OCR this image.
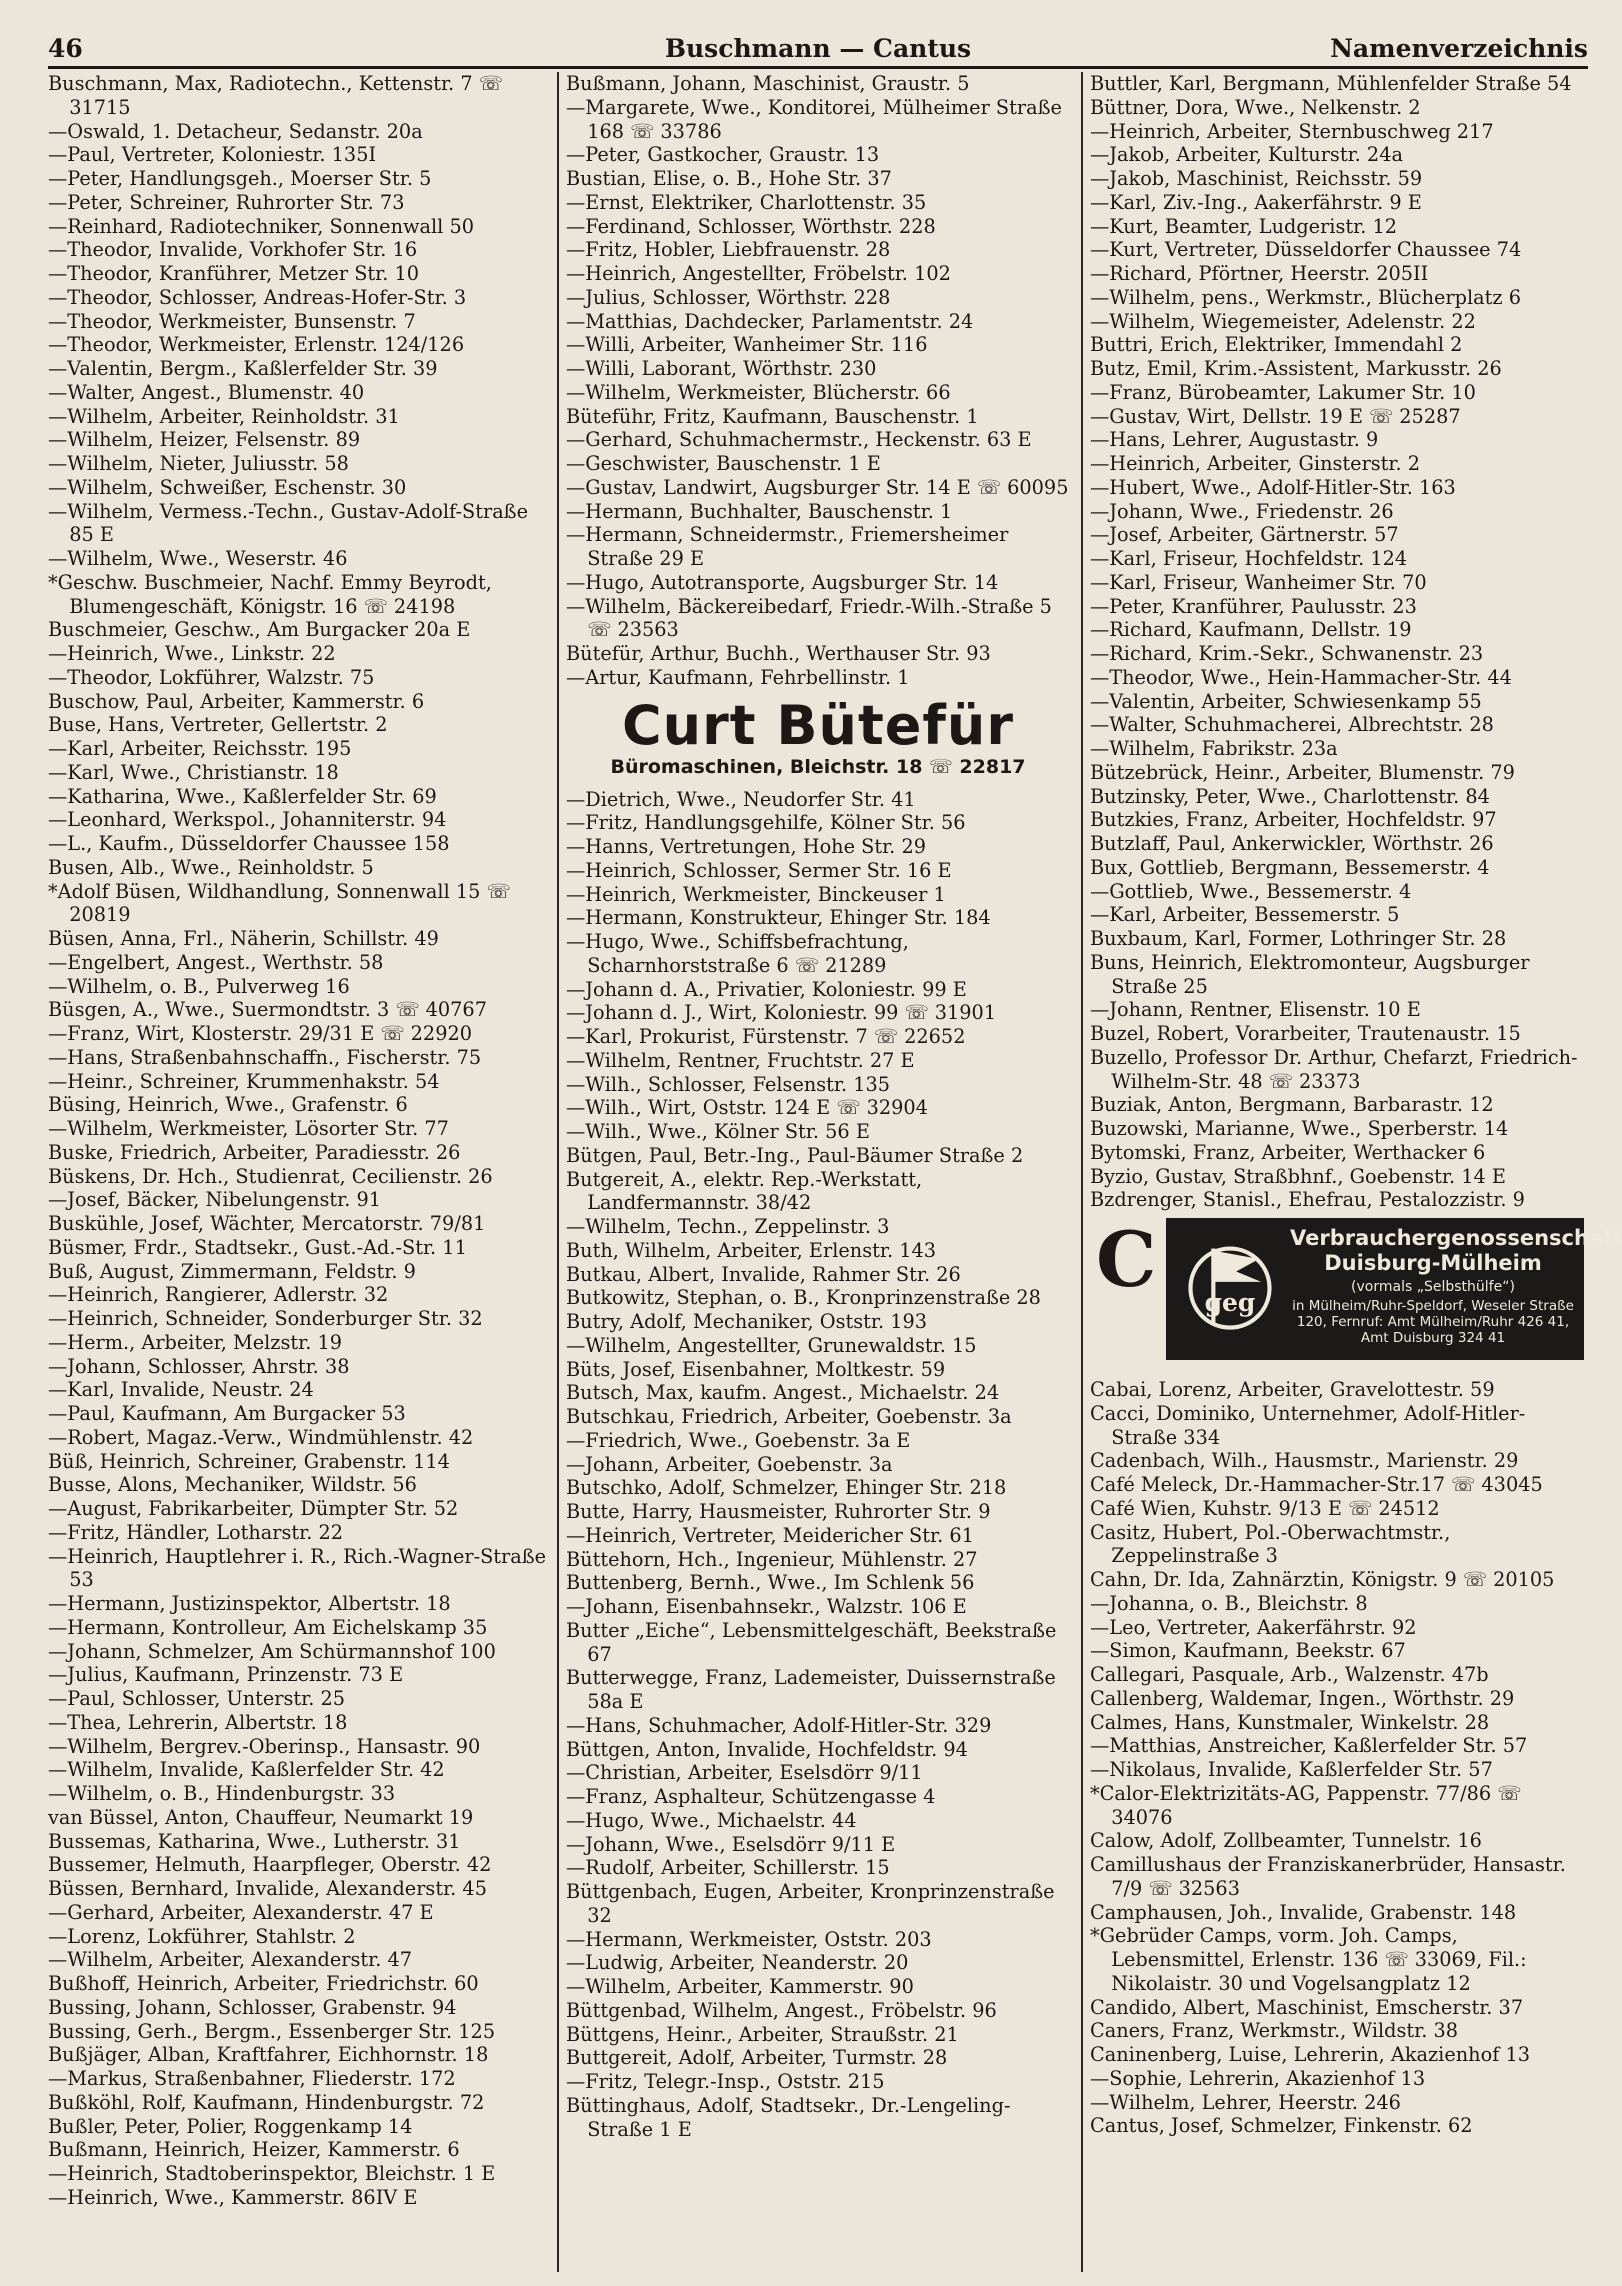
46	Buschmann — Cantus	Namenverzeichnis

Buschmann, Max, Radiotechn., Kettenstr. 7 ☏ 31715

—Oswald, 1. Detacheur, Sedanstr. 20a

—Paul, Vertreter, Koloniestr. 135I

—Peter, Handlungsgeh., Moerser Str. 5

—Peter, Schreiner, Ruhrorter Str. 73

—Reinhard, Radiotechniker, Sonnenwall 50

—Theodor, Invalide, Vorkhofer Str. 16

—Theodor, Kranführer, Metzer Str. 10

—Theodor, Schlosser, Andreas-Hofer-Str. 3

—Theodor, Werkmeister, Bunsenstr. 7

—Theodor, Werkmeister, Erlenstr. 124/126

—Valentin, Bergm., Kaßlerfelder Str. 39

—Walter, Angest., Blumenstr. 40

—Wilhelm, Arbeiter, Reinholdstr. 31

—Wilhelm, Heizer, Felsenstr. 89

—Wilhelm, Nieter, Juliusstr. 58

—Wilhelm, Schweißer, Eschenstr. 30

—Wilhelm, Vermess.-Techn., Gustav-Adolf-Straße 85 E

—Wilhelm, Wwe., Weserstr. 46

*Geschw. Buschmeier, Nachf. Emmy Beyrodt, Blumengeschäft, Königstr. 16 ☏ 24198

Buschmeier, Geschw., Am Burgacker 20a E

—Heinrich, Wwe., Linkstr. 22

—Theodor, Lokführer, Walzstr. 75

Buschow, Paul, Arbeiter, Kammerstr. 6

Buse, Hans, Vertreter, Gellertstr. 2

—Karl, Arbeiter, Reichsstr. 195

—Karl, Wwe., Christianstr. 18

—Katharina, Wwe., Kaßlerfelder Str. 69

—Leonhard, Werkspol., Johanniterstr. 94

—L., Kaufm., Düsseldorfer Chaussee 158

Busen, Alb., Wwe., Reinholdstr. 5

*Adolf Büsen, Wildhandlung, Sonnenwall 15 ☏ 20819

Büsen, Anna, Frl., Näherin, Schillstr. 49

—Engelbert, Angest., Werthstr. 58

—Wilhelm, o. B., Pulverweg 16

Büsgen, A., Wwe., Suermondtstr. 3 ☏ 40767

—Franz, Wirt, Klosterstr. 29/31 E ☏ 22920

—Hans, Straßenbahnschaffn., Fischerstr. 75

—Heinr., Schreiner, Krummenhakstr. 54

Büsing, Heinrich, Wwe., Grafenstr. 6

—Wilhelm, Werkmeister, Lösorter Str. 77

Buske, Friedrich, Arbeiter, Paradiesstr. 26

Büskens, Dr. Hch., Studienrat, Cecilienstr. 26

—Josef, Bäcker, Nibelungenstr. 91

Buskühle, Josef, Wächter, Mercatorstr. 79/81

Büsmer, Frdr., Stadtsekr., Gust.-Ad.-Str. 11

Buß, August, Zimmermann, Feldstr. 9

—Heinrich, Rangierer, Adlerstr. 32

—Heinrich, Schneider, Sonderburger Str. 32

—Herm., Arbeiter, Melzstr. 19

—Johann, Schlosser, Ahrstr. 38

—Karl, Invalide, Neustr. 24

—Paul, Kaufmann, Am Burgacker 53

—Robert, Magaz.-Verw., Windmühlenstr. 42

Büß, Heinrich, Schreiner, Grabenstr. 114

Busse, Alons, Mechaniker, Wildstr. 56

—August, Fabrikarbeiter, Dümpter Str. 52

—Fritz, Händler, Lotharstr. 22

—Heinrich, Hauptlehrer i. R., Rich.-Wagner-Straße 53

—Hermann, Justizinspektor, Albertstr. 18

—Hermann, Kontrolleur, Am Eichelskamp 35

—Johann, Schmelzer, Am Schürmannshof 100

—Julius, Kaufmann, Prinzenstr. 73 E

—Paul, Schlosser, Unterstr. 25

—Thea, Lehrerin, Albertstr. 18

—Wilhelm, Bergrev.-Oberinsp., Hansastr. 90

—Wilhelm, Invalide, Kaßlerfelder Str. 42

—Wilhelm, o. B., Hindenburgstr. 33

van Büssel, Anton, Chauffeur, Neumarkt 19

Bussemas, Katharina, Wwe., Lutherstr. 31

Bussemer, Helmuth, Haarpfleger, Oberstr. 42

Büssen, Bernhard, Invalide, Alexanderstr. 45

—Gerhard, Arbeiter, Alexanderstr. 47 E

—Lorenz, Lokführer, Stahlstr. 2

—Wilhelm, Arbeiter, Alexanderstr. 47

Bußhoff, Heinrich, Arbeiter, Friedrichstr. 60

Bussing, Johann, Schlosser, Grabenstr. 94

Bussing, Gerh., Bergm., Essenberger Str. 125

Bußjäger, Alban, Kraftfahrer, Eichhornstr. 18

—Markus, Straßenbahner, Fliederstr. 172

Bußköhl, Rolf, Kaufmann, Hindenburgstr. 72

Bußler, Peter, Polier, Roggenkamp 14

Bußmann, Heinrich, Heizer, Kammerstr. 6

—Heinrich, Stadtoberinspektor, Bleichstr. 1 E

—Heinrich, Wwe., Kammerstr. 86IV E

Bußmann, Johann, Maschinist, Graustr. 5

—Margarete, Wwe., Konditorei, Mülheimer Straße 168 ☏ 33786

—Peter, Gastkocher, Graustr. 13

Bustian, Elise, o. B., Hohe Str. 37

—Ernst, Elektriker, Charlottenstr. 35

—Ferdinand, Schlosser, Wörthstr. 228

—Fritz, Hobler, Liebfrauenstr. 28

—Heinrich, Angestellter, Fröbelstr. 102

—Julius, Schlosser, Wörthstr. 228

—Matthias, Dachdecker, Parlamentstr. 24

—Willi, Arbeiter, Wanheimer Str. 116

—Willi, Laborant, Wörthstr. 230

—Wilhelm, Werkmeister, Blücherstr. 66

Büteführ, Fritz, Kaufmann, Bauschenstr. 1

—Gerhard, Schuhmachermstr., Heckenstr. 63 E

—Geschwister, Bauschenstr. 1 E

—Gustav, Landwirt, Augsburger Str. 14 E ☏ 60095

—Hermann, Buchhalter, Bauschenstr. 1

—Hermann, Schneidermstr., Friemersheimer Straße 29 E

—Hugo, Autotransporte, Augsburger Str. 14

—Wilhelm, Bäckereibedarf, Friedr.-Wilh.-Straße 5 ☏ 23563

Bütefür, Arthur, Buchh., Werthauser Str. 93

—Artur, Kaufmann, Fehrbellinstr. 1

Curt Bütefür
Büromaschinen, Bleichstr. 18 ☏ 22817

—Dietrich, Wwe., Neudorfer Str. 41

—Fritz, Handlungsgehilfe, Kölner Str. 56

—Hanns, Vertretungen, Hohe Str. 29

—Heinrich, Schlosser, Sermer Str. 16 E

—Heinrich, Werkmeister, Binckeuser 1

—Hermann, Konstrukteur, Ehinger Str. 184

—Hugo, Wwe., Schiffsbefrachtung, Scharnhorststraße 6 ☏ 21289

—Johann d. A., Privatier, Koloniestr. 99 E

—Johann d. J., Wirt, Koloniestr. 99 ☏ 31901

—Karl, Prokurist, Fürstenstr. 7 ☏ 22652

—Wilhelm, Rentner, Fruchtstr. 27 E

—Wilh., Schlosser, Felsenstr. 135

—Wilh., Wirt, Oststr. 124 E ☏ 32904

—Wilh., Wwe., Kölner Str. 56 E

Bütgen, Paul, Betr.-Ing., Paul-Bäumer Straße 2

Butgereit, A., elektr. Rep.-Werkstatt, Landfermannstr. 38/42

—Wilhelm, Techn., Zeppelinstr. 3

Buth, Wilhelm, Arbeiter, Erlenstr. 143

Butkau, Albert, Invalide, Rahmer Str. 26

Butkowitz, Stephan, o. B., Kronprinzenstraße 28

Butry, Adolf, Mechaniker, Oststr. 193

—Wilhelm, Angestellter, Grunewaldstr. 15

Büts, Josef, Eisenbahner, Moltkestr. 59

Butsch, Max, kaufm. Angest., Michaelstr. 24

Butschkau, Friedrich, Arbeiter, Goebenstr. 3a

—Friedrich, Wwe., Goebenstr. 3a E

—Johann, Arbeiter, Goebenstr. 3a

Butschko, Adolf, Schmelzer, Ehinger Str. 218

Butte, Harry, Hausmeister, Ruhrorter Str. 9

—Heinrich, Vertreter, Meidericher Str. 61

Büttehorn, Hch., Ingenieur, Mühlenstr. 27

Buttenberg, Bernh., Wwe., Im Schlenk 56

—Johann, Eisenbahnsekr., Walzstr. 106 E

Butter „Eiche“, Lebensmittelgeschäft, Beekstraße 67

Butterwegge, Franz, Lademeister, Duissernstraße 58a E

—Hans, Schuhmacher, Adolf-Hitler-Str. 329

Büttgen, Anton, Invalide, Hochfeldstr. 94

—Christian, Arbeiter, Eselsdörr 9/11

—Franz, Asphalteur, Schützengasse 4

—Hugo, Wwe., Michaelstr. 44

—Johann, Wwe., Eselsdörr 9/11 E

—Rudolf, Arbeiter, Schillerstr. 15

Büttgenbach, Eugen, Arbeiter, Kronprinzenstraße 32

—Hermann, Werkmeister, Oststr. 203

—Ludwig, Arbeiter, Neanderstr. 20

—Wilhelm, Arbeiter, Kammerstr. 90

Büttgenbad, Wilhelm, Angest., Fröbelstr. 96

Büttgens, Heinr., Arbeiter, Straußstr. 21

Buttgereit, Adolf, Arbeiter, Turmstr. 28

—Fritz, Telegr.-Insp., Oststr. 215

Büttinghaus, Adolf, Stadtsekr., Dr.-Lengeling-Straße 1 E

Buttler, Karl, Bergmann, Mühlenfelder Straße 54

Büttner, Dora, Wwe., Nelkenstr. 2

—Heinrich, Arbeiter, Sternbuschweg 217

—Jakob, Arbeiter, Kulturstr. 24a

—Jakob, Maschinist, Reichsstr. 59

—Karl, Ziv.-Ing., Aakerfährstr. 9 E

—Kurt, Beamter, Ludgeristr. 12

—Kurt, Vertreter, Düsseldorfer Chaussee 74

—Richard, Pförtner, Heerstr. 205II

—Wilhelm, pens., Werkmstr., Blücherplatz 6

—Wilhelm, Wiegemeister, Adelenstr. 22

Buttri, Erich, Elektriker, Immendahl 2

Butz, Emil, Krim.-Assistent, Markusstr. 26

—Franz, Bürobeamter, Lakumer Str. 10

—Gustav, Wirt, Dellstr. 19 E ☏ 25287

—Hans, Lehrer, Augustastr. 9

—Heinrich, Arbeiter, Ginsterstr. 2

—Hubert, Wwe., Adolf-Hitler-Str. 163

—Johann, Wwe., Friedenstr. 26

—Josef, Arbeiter, Gärtnerstr. 57

—Karl, Friseur, Hochfeldstr. 124

—Karl, Friseur, Wanheimer Str. 70

—Peter, Kranführer, Paulusstr. 23

—Richard, Kaufmann, Dellstr. 19

—Richard, Krim.-Sekr., Schwanenstr. 23

—Theodor, Wwe., Hein-Hammacher-Str. 44

—Valentin, Arbeiter, Schwiesenkamp 55

—Walter, Schuhmacherei, Albrechtstr. 28

—Wilhelm, Fabrikstr. 23a

Bützebrück, Heinr., Arbeiter, Blumenstr. 79

Butzinsky, Peter, Wwe., Charlottenstr. 84

Butzkies, Franz, Arbeiter, Hochfeldstr. 97

Butzlaff, Paul, Ankerwickler, Wörthstr. 26

Bux, Gottlieb, Bergmann, Bessemerstr. 4

—Gottlieb, Wwe., Bessemerstr. 4

—Karl, Arbeiter, Bessemerstr. 5

Buxbaum, Karl, Former, Lothringer Str. 28

Buns, Heinrich, Elektromonteur, Augsburger Straße 25

—Johann, Rentner, Elisenstr. 10 E

Buzel, Robert, Vorarbeiter, Trautenaustr. 15

Buzello, Professor Dr. Arthur, Chefarzt, Friedrich-Wilhelm-Str. 48 ☏ 23373

Buziak, Anton, Bergmann, Barbarastr. 12

Buzowski, Marianne, Wwe., Sperberstr. 14

Bytomski, Franz, Arbeiter, Werthacker 6

Byzio, Gustav, Straßbhnf., Goebenstr. 14 E

Bzdrenger, Stanisl., Ehefrau, Pestalozzistr. 9

C geg
Verbrauchergenossenschaft
Duisburg-Mülheim
(vormals „Selbsthülfe“)
in Mülheim/Ruhr-Speldorf, Weseler Straße 120, Fernruf: Amt Mülheim/Ruhr 426 41, Amt Duisburg 324 41

Cabai, Lorenz, Arbeiter, Gravelottestr. 59

Cacci, Dominiko, Unternehmer, Adolf-Hitler-Straße 334

Cadenbach, Wilh., Hausmstr., Marienstr. 29

Café Meleck, Dr.-Hammacher-Str.17 ☏ 43045

Café Wien, Kuhstr. 9/13 E ☏ 24512

Casitz, Hubert, Pol.-Oberwachtmstr., Zeppelinstraße 3

Cahn, Dr. Ida, Zahnärztin, Königstr. 9 ☏ 20105

—Johanna, o. B., Bleichstr. 8

—Leo, Vertreter, Aakerfährstr. 92

—Simon, Kaufmann, Beekstr. 67

Callegari, Pasquale, Arb., Walzenstr. 47b

Callenberg, Waldemar, Ingen., Wörthstr. 29

Calmes, Hans, Kunstmaler, Winkelstr. 28

—Matthias, Anstreicher, Kaßlerfelder Str. 57

—Nikolaus, Invalide, Kaßlerfelder Str. 57

*Calor-Elektrizitäts-AG, Pappenstr. 77/86 ☏ 34076

Calow, Adolf, Zollbeamter, Tunnelstr. 16

Camillushaus der Franziskanerbrüder, Hansastr. 7/9 ☏ 32563

Camphausen, Joh., Invalide, Grabenstr. 148

*Gebrüder Camps, vorm. Joh. Camps, Lebensmittel, Erlenstr. 136 ☏ 33069, Fil.: Nikolaistr. 30 und Vogelsangplatz 12

Candido, Albert, Maschinist, Emscherstr. 37

Caners, Franz, Werkmstr., Wildstr. 38

Caninenberg, Luise, Lehrerin, Akazienhof 13

—Sophie, Lehrerin, Akazienhof 13

—Wilhelm, Lehrer, Heerstr. 246

Cantus, Josef, Schmelzer, Finkenstr. 62
